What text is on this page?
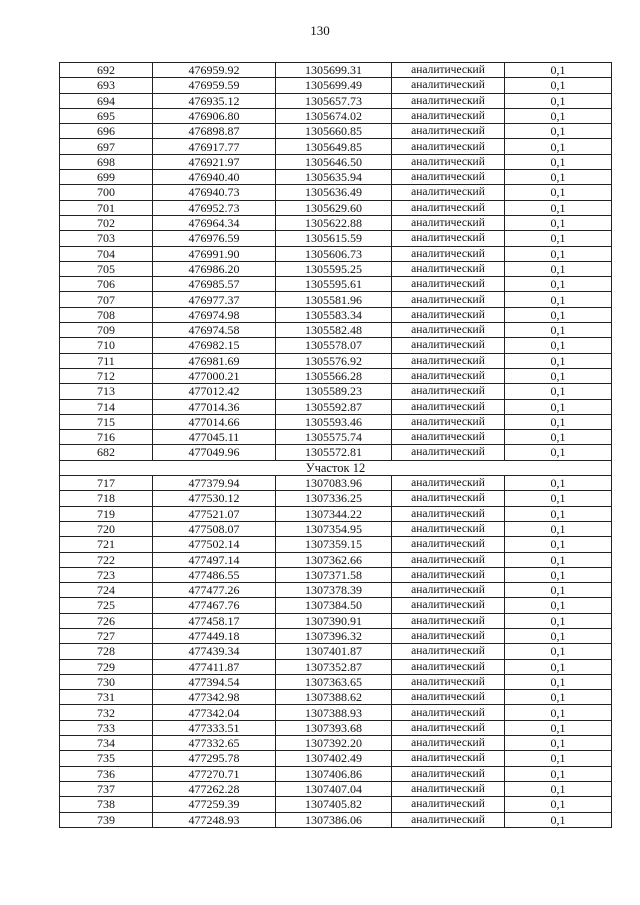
130
692	476959.92	1305699.31	аналитический	0,1
693	476959.59	1305699.49	аналитический	0,1
694	476935.12	1305657.73	аналитический	0,1
695	476906.80	1305674.02	аналитический	0,1
696	476898.87	1305660.85	аналитический	0,1
697	476917.77	1305649.85	аналитический	0,1
698	476921.97	1305646.50	аналитический	0,1
699	476940.40	1305635.94	аналитический	0,1
700	476940.73	1305636.49	аналитический	0,1
701	476952.73	1305629.60	аналитический	0,1
702	476964.34	1305622.88	аналитический	0,1
703	476976.59	1305615.59	аналитический	0,1
704	476991.90	1305606.73	аналитический	0,1
705	476986.20	1305595.25	аналитический	0,1
706	476985.57	1305595.61	аналитический	0,1
707	476977.37	1305581.96	аналитический	0,1
708	476974.98	1305583.34	аналитический	0,1
709	476974.58	1305582.48	аналитический	0,1
710	476982.15	1305578.07	аналитический	0,1
711	476981.69	1305576.92	аналитический	0,1
712	477000.21	1305566.28	аналитический	0,1
713	477012.42	1305589.23	аналитический	0,1
714	477014.36	1305592.87	аналитический	0,1
715	477014.66	1305593.46	аналитический	0,1
716	477045.11	1305575.74	аналитический	0,1
682	477049.96	1305572.81	аналитический	0,1
Участок 12				
717	477379.94	1307083.96	аналитический	0,1
718	477530.12	1307336.25	аналитический	0,1
719	477521.07	1307344.22	аналитический	0,1
720	477508.07	1307354.95	аналитический	0,1
721	477502.14	1307359.15	аналитический	0,1
722	477497.14	1307362.66	аналитический	0,1
723	477486.55	1307371.58	аналитический	0,1
724	477477.26	1307378.39	аналитический	0,1
725	477467.76	1307384.50	аналитический	0,1
726	477458.17	1307390.91	аналитический	0,1
727	477449.18	1307396.32	аналитический	0,1
728	477439.34	1307401.87	аналитический	0,1
729	477411.87	1307352.87	аналитический	0,1
730	477394.54	1307363.65	аналитический	0,1
731	477342.98	1307388.62	аналитический	0,1
732	477342.04	1307388.93	аналитический	0,1
733	477333.51	1307393.68	аналитический	0,1
734	477332.65	1307392.20	аналитический	0,1
735	477295.78	1307402.49	аналитический	0,1
736	477270.71	1307406.86	аналитический	0,1
737	477262.28	1307407.04	аналитический	0,1
738	477259.39	1307405.82	аналитический	0,1
739	477248.93	1307386.06	аналитический	0,1
